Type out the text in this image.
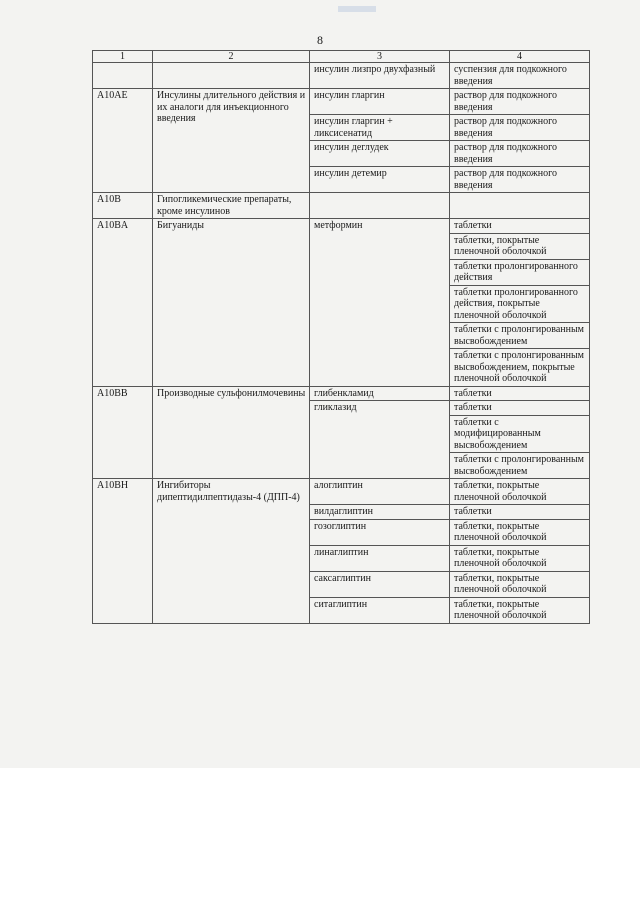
8
1	2	3	4
		инсулин лизпро двухфазный	суспензия для подкожного введения
A10AE	Инсулины длительного действия и их аналоги для инъекционного введения	инсулин гларгин	раствор для подкожного введения
		инсулин гларгин + ликсисенатид	раствор для подкожного введения
		инсулин деглудек	раствор для подкожного введения
		инсулин детемир	раствор для подкожного введения
A10B	Гипогликемические препараты, кроме инсулинов		
A10BA	Бигуаниды	метформин	таблетки
			таблетки, покрытые пленочной оболочкой
			таблетки пролонгированного действия
			таблетки пролонгированного действия, покрытые пленочной оболочкой
			таблетки с пролонгированным высвобождением
			таблетки с пролонгированным высвобождением, покрытые пленочной оболочкой
A10BB	Производные сульфонилмочевины	глибенкламид	таблетки
		гликлазид	таблетки
			таблетки с модифицированным высвобождением
			таблетки с пролонгированным высвобождением
A10BH	Ингибиторы дипептидилпептидазы-4 (ДПП-4)	алоглиптин	таблетки, покрытые пленочной оболочкой
		вилдаглиптин	таблетки
		гозоглиптин	таблетки, покрытые пленочной оболочкой
		линаглиптин	таблетки, покрытые пленочной оболочкой
		саксаглиптин	таблетки, покрытые пленочной оболочкой
		ситаглиптин	таблетки, покрытые пленочной оболочкой
